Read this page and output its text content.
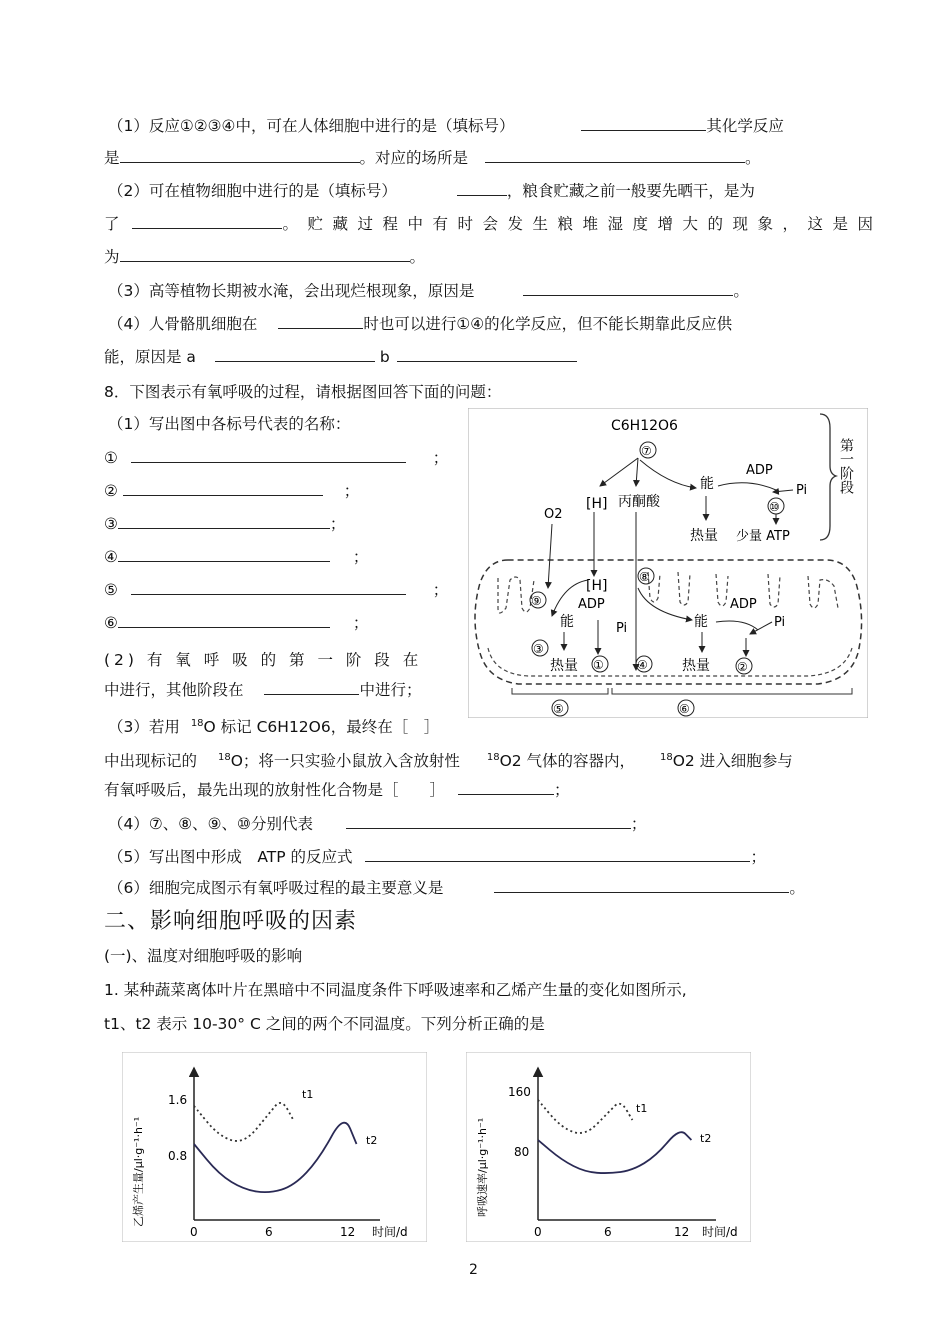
（1）反应①②③④中，可在人体细胞中进行的是（填标号）	其化学反应
是	。对应的场所是	。
（2）可在植物细胞中进行的是（填标号）	，粮食贮藏之前一般要先晒干，是为
了	。贮藏过程中有时会发生粮堆湿度增大的现象，这是因
为	。
（3）高等植物长期被水淹，会出现烂根现象，原因是	。
（4）人骨骼肌细胞在	时也可以进行①④的化学反应，但不能长期靠此反应供
能，原因是 a	b
8．下图表示有氧呼吸的过程，请根据图回答下面的问题：
（1）写出图中各标号代表的名称：
①	；
②	；
③	；
④	；
⑤	；
⑥	；
(2) 有 氧 呼 吸 的 第 一 阶 段 在
中进行，其他阶段在	中进行；
（3）若用 $^{18}$O 标记 C6H12O6，最终在［　］
中出现标记的 $^{18}$O；将一只实验小鼠放入含放射性	$^{18}$O2 气体的容器内， $^{18}$O2 进入细胞参与
有氧呼吸后，最先出现的放射性化合物是［　　］	；
（4）⑦、⑧、⑨、⑩分别代表	；
（5）写出图中形成　ATP 的反应式	；
（6）细胞完成图示有氧呼吸过程的最主要意义是	。
第一阶段
C6H12O6
⑦
能
ADP
Pi
⑩
[H] 丙酮酸
热量 少量 ATP
O2
[H]
⑧
能
ADP
Pi
热量 ②
⑨
能
ADP
Pi
③
热量 ①	④
⑤	⑥
二、影响细胞呼吸的因素
(一)、温度对细胞呼吸的影响
1. 某种蔬菜离体叶片在黑暗中不同温度条件下呼吸速率和乙烯产生量的变化如图所示,
t1、t2 表示 10-30° C 之间的两个不同温度。下列分析正确的是
乙烯产生量/μl·g⁻¹·h⁻¹
1.6
0.8
0	6	12 时间/d
t1
t2	呼吸速率/μl·g⁻¹·h⁻¹
160
80
0	6	12 时间/d
t1
t2
2
